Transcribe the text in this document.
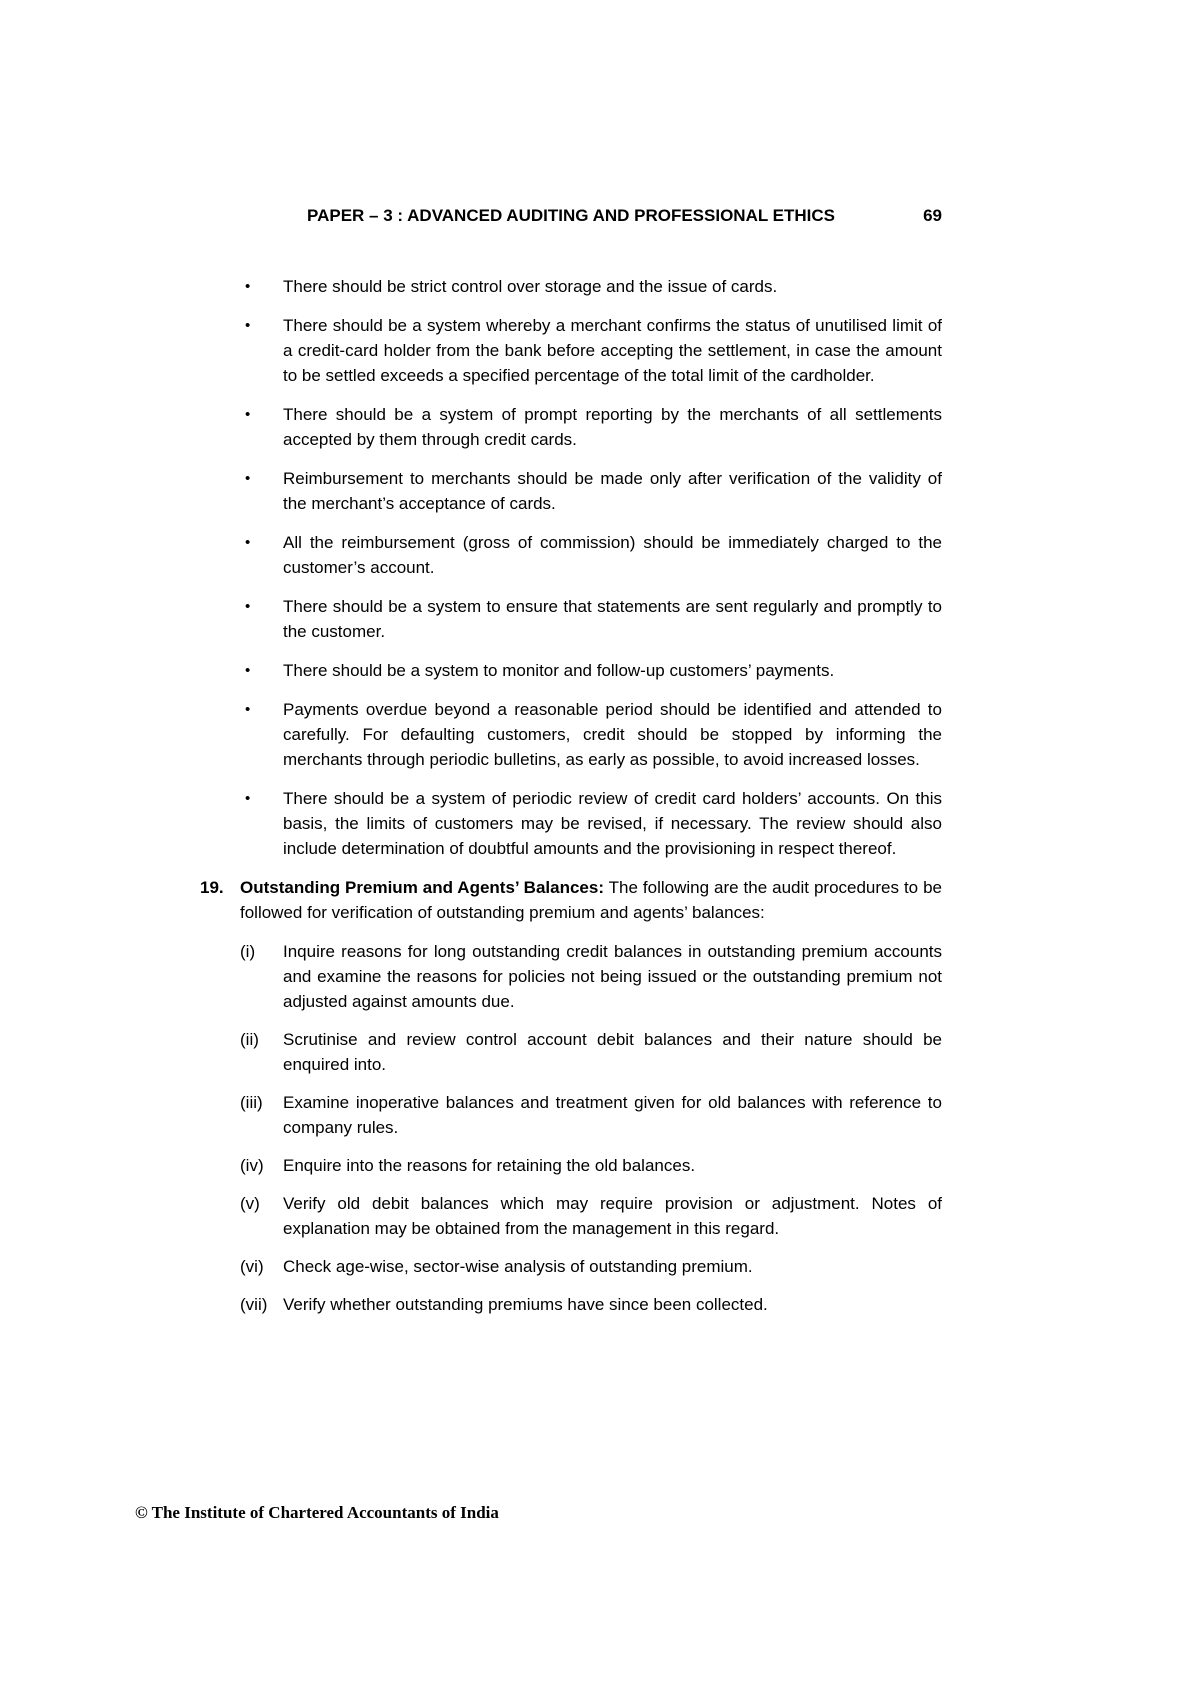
PAPER – 3 : ADVANCED AUDITING AND PROFESSIONAL ETHICS	69
• There should be strict control over storage and the issue of cards.
• There should be a system whereby a merchant confirms the status of unutilised limit of a credit-card holder from the bank before accepting the settlement, in case the amount to be settled exceeds a specified percentage of the total limit of the cardholder.
• There should be a system of prompt reporting by the merchants of all settlements accepted by them through credit cards.
• Reimbursement to merchants should be made only after verification of the validity of the merchant’s acceptance of cards.
• All the reimbursement (gross of commission) should be immediately charged to the customer’s account.
• There should be a system to ensure that statements are sent regularly and promptly to the customer.
• There should be a system to monitor and follow-up customers’ payments.
• Payments overdue beyond a reasonable period should be identified and attended to carefully. For defaulting customers, credit should be stopped by informing the merchants through periodic bulletins, as early as possible, to avoid increased losses.
• There should be a system of periodic review of credit card holders’ accounts. On this basis, the limits of customers may be revised, if necessary. The review should also include determination of doubtful amounts and the provisioning in respect thereof.
19. Outstanding Premium and Agents’ Balances: The following are the audit procedures to be followed for verification of outstanding premium and agents’ balances:
(i) Inquire reasons for long outstanding credit balances in outstanding premium accounts and examine the reasons for policies not being issued or the outstanding premium not adjusted against amounts due.
(ii) Scrutinise and review control account debit balances and their nature should be enquired into.
(iii) Examine inoperative balances and treatment given for old balances with reference to company rules.
(iv) Enquire into the reasons for retaining the old balances.
(v) Verify old debit balances which may require provision or adjustment. Notes of explanation may be obtained from the management in this regard.
(vi) Check age-wise, sector-wise analysis of outstanding premium.
(vii) Verify whether outstanding premiums have since been collected.
© The Institute of Chartered Accountants of India
